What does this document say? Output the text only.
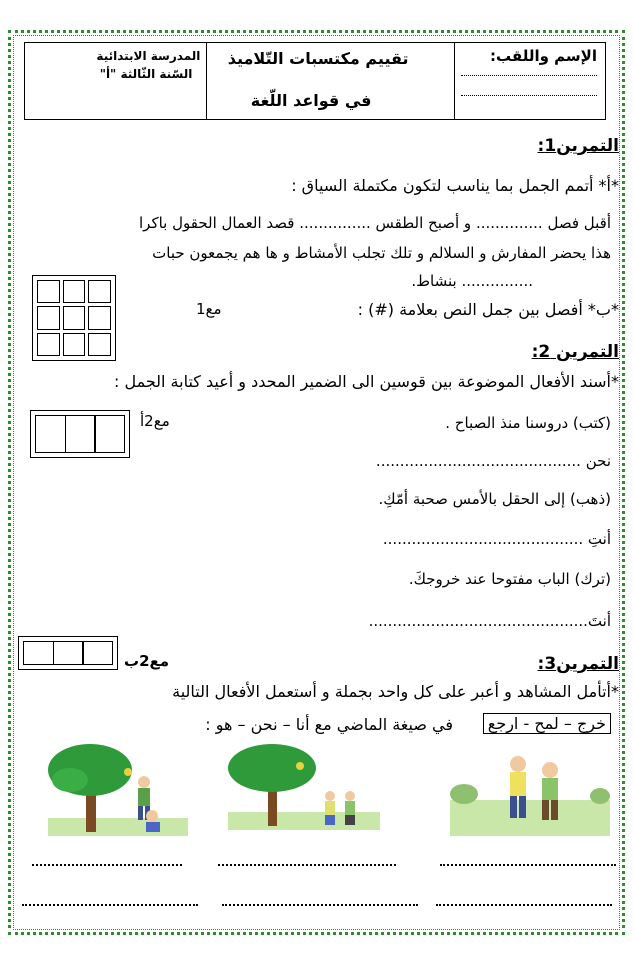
الإسم واللقب:
تقييم مكتسبات التّلاميذ
في قواعد اللّغة
المدرسة الابتدائية
السّنة الثّالثة "أ"
التمرين1:
*أ* أتمم الجمل بما يناسب لتكون مكتملة السياق :
أقبل فصل .............. و أصبح الطقس ............... قصد العمال الحقول باكرا
هذا يحضر المفارش و السلالم و تلك تجلب الأمشاط و ها هم يجمعون حبات
............... بنشاط.
*ب* أفصل بين جمل النص بعلامة (#) :
مع1
التمرين 2:
*أسند الأفعال الموضوعة بين قوسين الى الضمير المحدد و أعيد كتابة الجمل :
مع2أ	(كتب) دروسنا منذ الصباح .
نحن ...........................................
(ذهب) إلى الحقل بالأمس صحبة أمّكِ.
أنتِ ..........................................
(ترك) الباب مفتوحا عند خروجكَ.
أنتَ..............................................
مع2ب	التمرين3:
*أتأمل المشاهد و أعبر على كل واحد بجملة و أستعمل الأفعال التالية
خرج – لمح - ارجع
في صيغة الماضي مع أنا – نحن – هو :
